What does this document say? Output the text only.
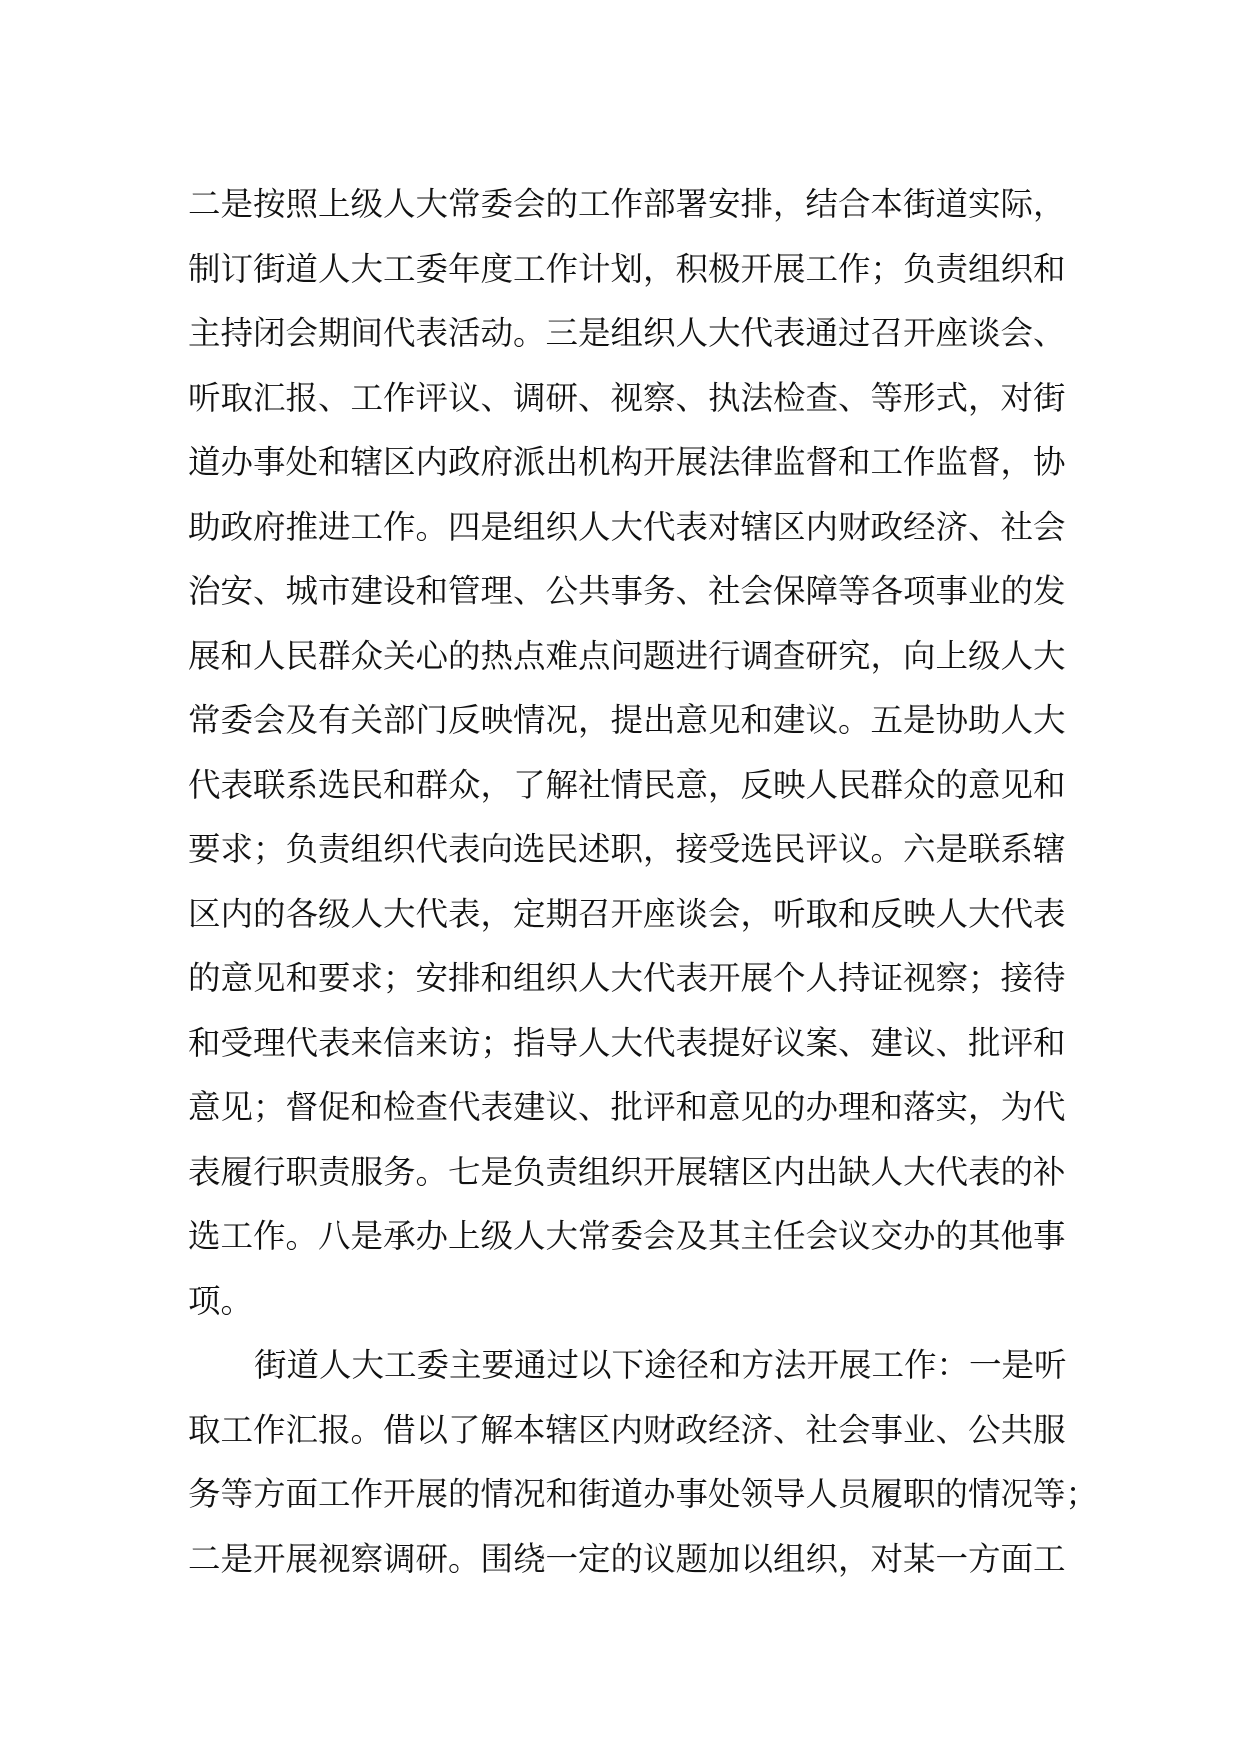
二是按照上级人大常委会的工作部署安排，结合本街道实际，
制订街道人大工委年度工作计划，积极开展工作；负责组织和
主持闭会期间代表活动。三是组织人大代表通过召开座谈会、
听取汇报、工作评议、调研、视察、执法检查、等形式，对街
道办事处和辖区内政府派出机构开展法律监督和工作监督，协
助政府推进工作。四是组织人大代表对辖区内财政经济、社会
治安、城市建设和管理、公共事务、社会保障等各项事业的发
展和人民群众关心的热点难点问题进行调查研究，向上级人大
常委会及有关部门反映情况，提出意见和建议。五是协助人大
代表联系选民和群众，了解社情民意，反映人民群众的意见和
要求；负责组织代表向选民述职，接受选民评议。六是联系辖
区内的各级人大代表，定期召开座谈会，听取和反映人大代表
的意见和要求；安排和组织人大代表开展个人持证视察；接待
和受理代表来信来访；指导人大代表提好议案、建议、批评和
意见；督促和检查代表建议、批评和意见的办理和落实，为代
表履行职责服务。七是负责组织开展辖区内出缺人大代表的补
选工作。八是承办上级人大常委会及其主任会议交办的其他事
项。
街道人大工委主要通过以下途径和方法开展工作：一是听
取工作汇报。借以了解本辖区内财政经济、社会事业、公共服
务等方面工作开展的情况和街道办事处领导人员履职的情况等；
二是开展视察调研。围绕一定的议题加以组织，对某一方面工
